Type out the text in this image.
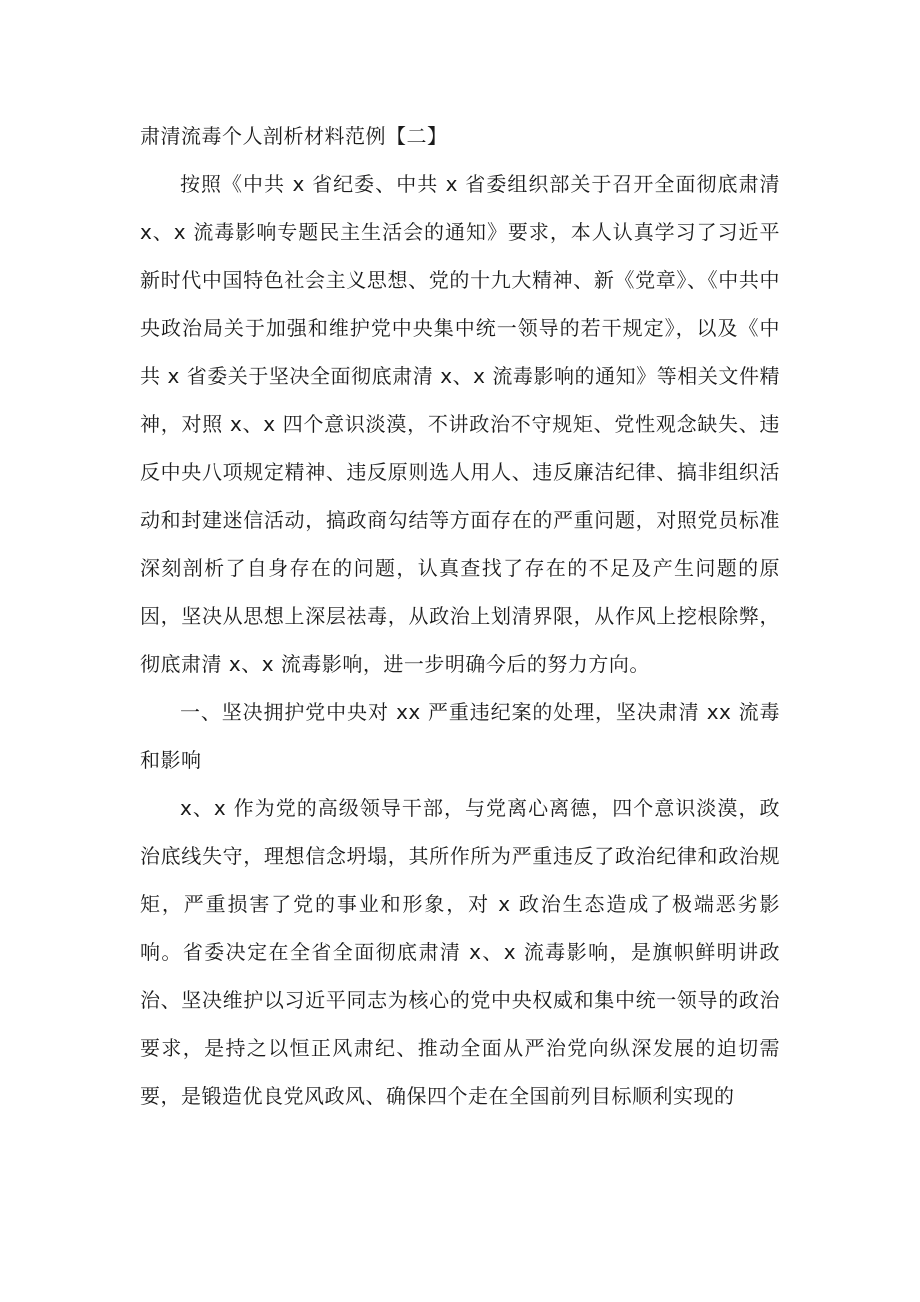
肃清流毒个人剖析材料范例【二】

按照《中共 x 省纪委、中共 x 省委组织部关于召开全面彻底肃清 x、x 流毒影响专题民主生活会的通知》要求，本人认真学习了习近平新时代中国特色社会主义思想、党的十九大精神、新《党章》、《中共中央政治局关于加强和维护党中央集中统一领导的若干规定》，以及《中共 x 省委关于坚决全面彻底肃清 x、x 流毒影响的通知》等相关文件精神，对照 x、x 四个意识淡漠，不讲政治不守规矩、党性观念缺失、违反中央八项规定精神、违反原则选人用人、违反廉洁纪律、搞非组织活动和封建迷信活动，搞政商勾结等方面存在的严重问题，对照党员标准深刻剖析了自身存在的问题，认真查找了存在的不足及产生问题的原因，坚决从思想上深层祛毒，从政治上划清界限，从作风上挖根除弊，彻底肃清 x、x 流毒影响，进一步明确今后的努力方向。

一、坚决拥护党中央对 xx 严重违纪案的处理，坚决肃清 xx 流毒和影响

x、x 作为党的高级领导干部，与党离心离德，四个意识淡漠，政治底线失守，理想信念坍塌，其所作所为严重违反了政治纪律和政治规矩，严重损害了党的事业和形象，对 x 政治生态造成了极端恶劣影响。省委决定在全省全面彻底肃清 x、x 流毒影响，是旗帜鲜明讲政治、坚决维护以习近平同志为核心的党中央权威和集中统一领导的政治要求，是持之以恒正风肃纪、推动全面从严治党向纵深发展的迫切需要，是锻造优良党风政风、确保四个走在全国前列目标顺利实现的
